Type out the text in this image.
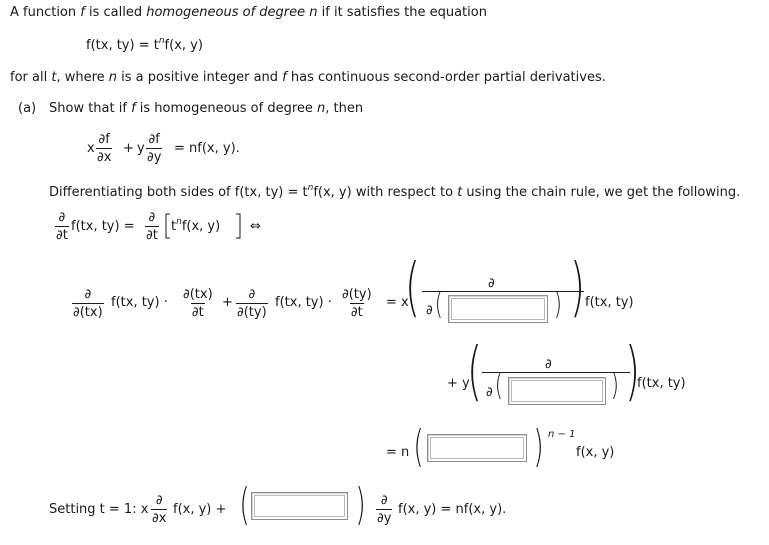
A function f is called homogeneous of degree n if it satisfies the equation
f(tx, $ty) = t^nf(x$, y)
for all t, where n is a positive integer and f has continuous second-order partial derivatives.
(a) Show that if f is homogeneous of degree n, then
x $\frac{\partial f}{\partial x} + y \frac{\partial f}{\partial y} = nf(x$, y).
Differentiating both sides of f(tx, $ty) = t^nf(x$, y) with respect to t using the chain rule, we get the following.
∂
∂t
f(tx, ty) =
∂
∂t
$t^nf(x$, y) ⇔
∂
∂(tx)
f(tx, $ty) \cdot \frac{\partial(tx)}{\partial t}$ +
∂
∂(ty)
f(tx, $ty) \cdot \frac{\partial(ty)}{\partial t} = x$
(	∂
∂ (	) ) f(tx, ty)
+ y
(	∂
∂ (	) )
f(tx, ty)
= n ( ) n − 1
f(x, y)
Setting t = 1: x
∂
∂x
f(x, y) + ( ) ∂
∂y
f(x, y) = nf(x, y).
